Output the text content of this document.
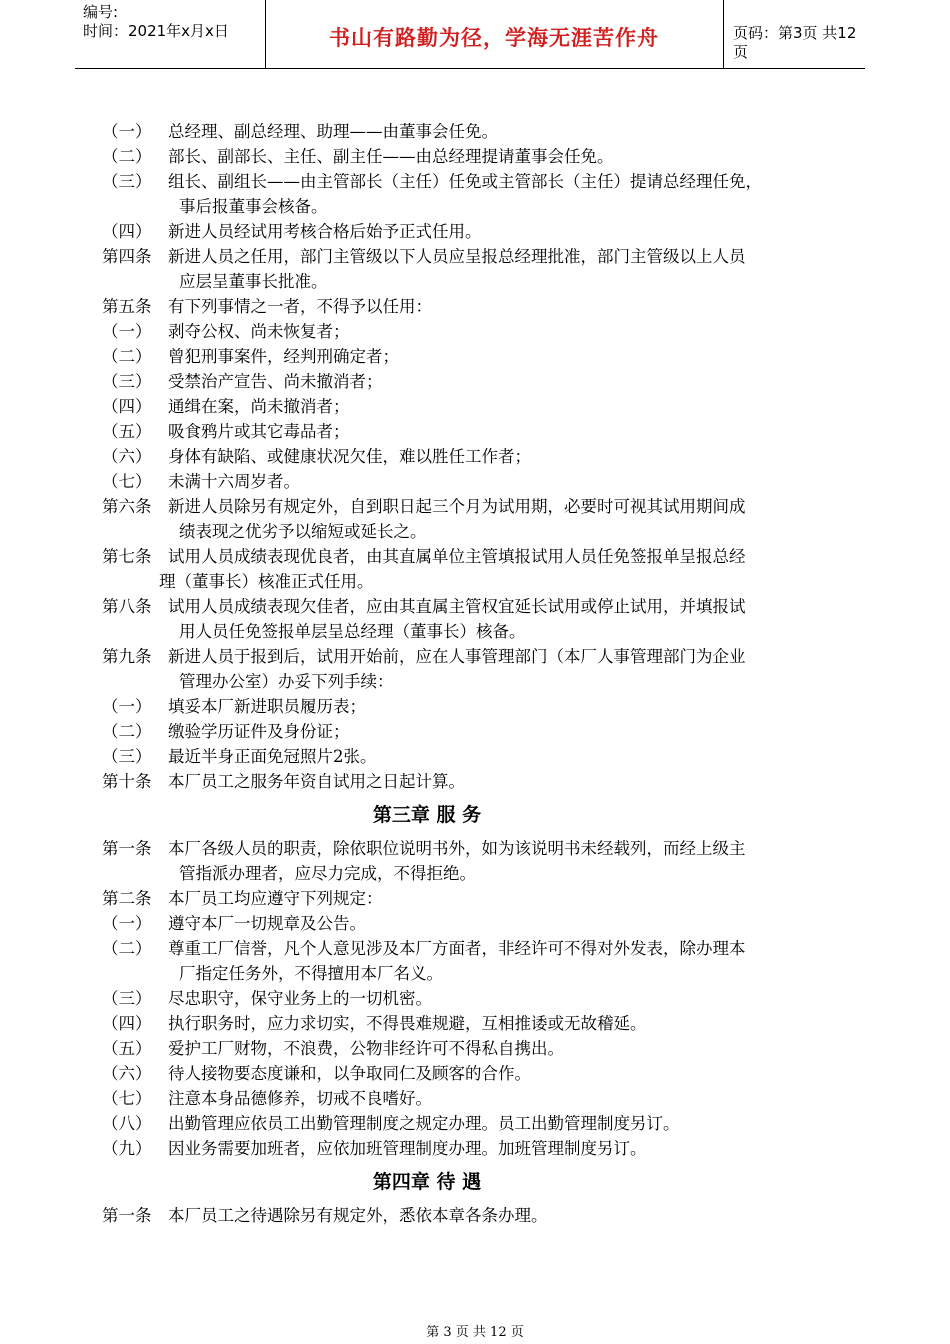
编号:
时间：2021年x月x日	书山有路勤为径，学海无涯苦作舟	页码：第3页 共12页
（一） 总经理、副总经理、助理——由董事会任免。
（二） 部长、副部长、主任、副主任——由总经理提请董事会任免。
（三） 组长、副组长——由主管部长（主任）任免或主管部长（主任）提请总经理任免，
事后报董事会核备。
（四） 新进人员经试用考核合格后始予正式任用。
第四条 新进人员之任用，部门主管级以下人员应呈报总经理批准，部门主管级以上人员
应层呈董事长批准。
第五条 有下列事情之一者，不得予以任用：
（一） 剥夺公权、尚未恢复者；
（二） 曾犯刑事案件，经判刑确定者；
（三） 受禁治产宣告、尚未撤消者；
（四） 通缉在案，尚未撤消者；
（五） 吸食鸦片或其它毒品者；
（六） 身体有缺陷、或健康状况欠佳，难以胜任工作者；
（七） 未满十六周岁者。
第六条 新进人员除另有规定外，自到职日起三个月为试用期，必要时可视其试用期间成
绩表现之优劣予以缩短或延长之。
第七条 试用人员成绩表现优良者，由其直属单位主管填报试用人员任免签报单呈报总经
理（董事长）核准正式任用。
第八条 试用人员成绩表现欠佳者，应由其直属主管权宜延长试用或停止试用，并填报试
用人员任免签报单层呈总经理（董事长）核备。
第九条 新进人员于报到后，试用开始前，应在人事管理部门（本厂人事管理部门为企业
管理办公室）办妥下列手续：
（一） 填妥本厂新进职员履历表；
（二） 缴验学历证件及身份证；
（三） 最近半身正面免冠照片2张。
第十条 本厂员工之服务年资自试用之日起计算。
第三章 服 务
第一条 本厂各级人员的职责，除依职位说明书外，如为该说明书未经载列，而经上级主
管指派办理者，应尽力完成，不得拒绝。
第二条 本厂员工均应遵守下列规定：
（一） 遵守本厂一切规章及公告。
（二） 尊重工厂信誉，凡个人意见涉及本厂方面者，非经许可不得对外发表，除办理本
厂指定任务外，不得擅用本厂名义。
（三） 尽忠职守，保守业务上的一切机密。
（四） 执行职务时，应力求切实，不得畏难规避，互相推诿或无故稽延。
（五） 爱护工厂财物，不浪费，公物非经许可不得私自携出。
（六） 待人接物要态度谦和，以争取同仁及顾客的合作。
（七） 注意本身品德修养，切戒不良嗜好。
（八） 出勤管理应依员工出勤管理制度之规定办理。员工出勤管理制度另订。
（九） 因业务需要加班者，应依加班管理制度办理。加班管理制度另订。
第四章 待 遇
第一条 本厂员工之待遇除另有规定外，悉依本章各条办理。
第 3 页 共 12 页
